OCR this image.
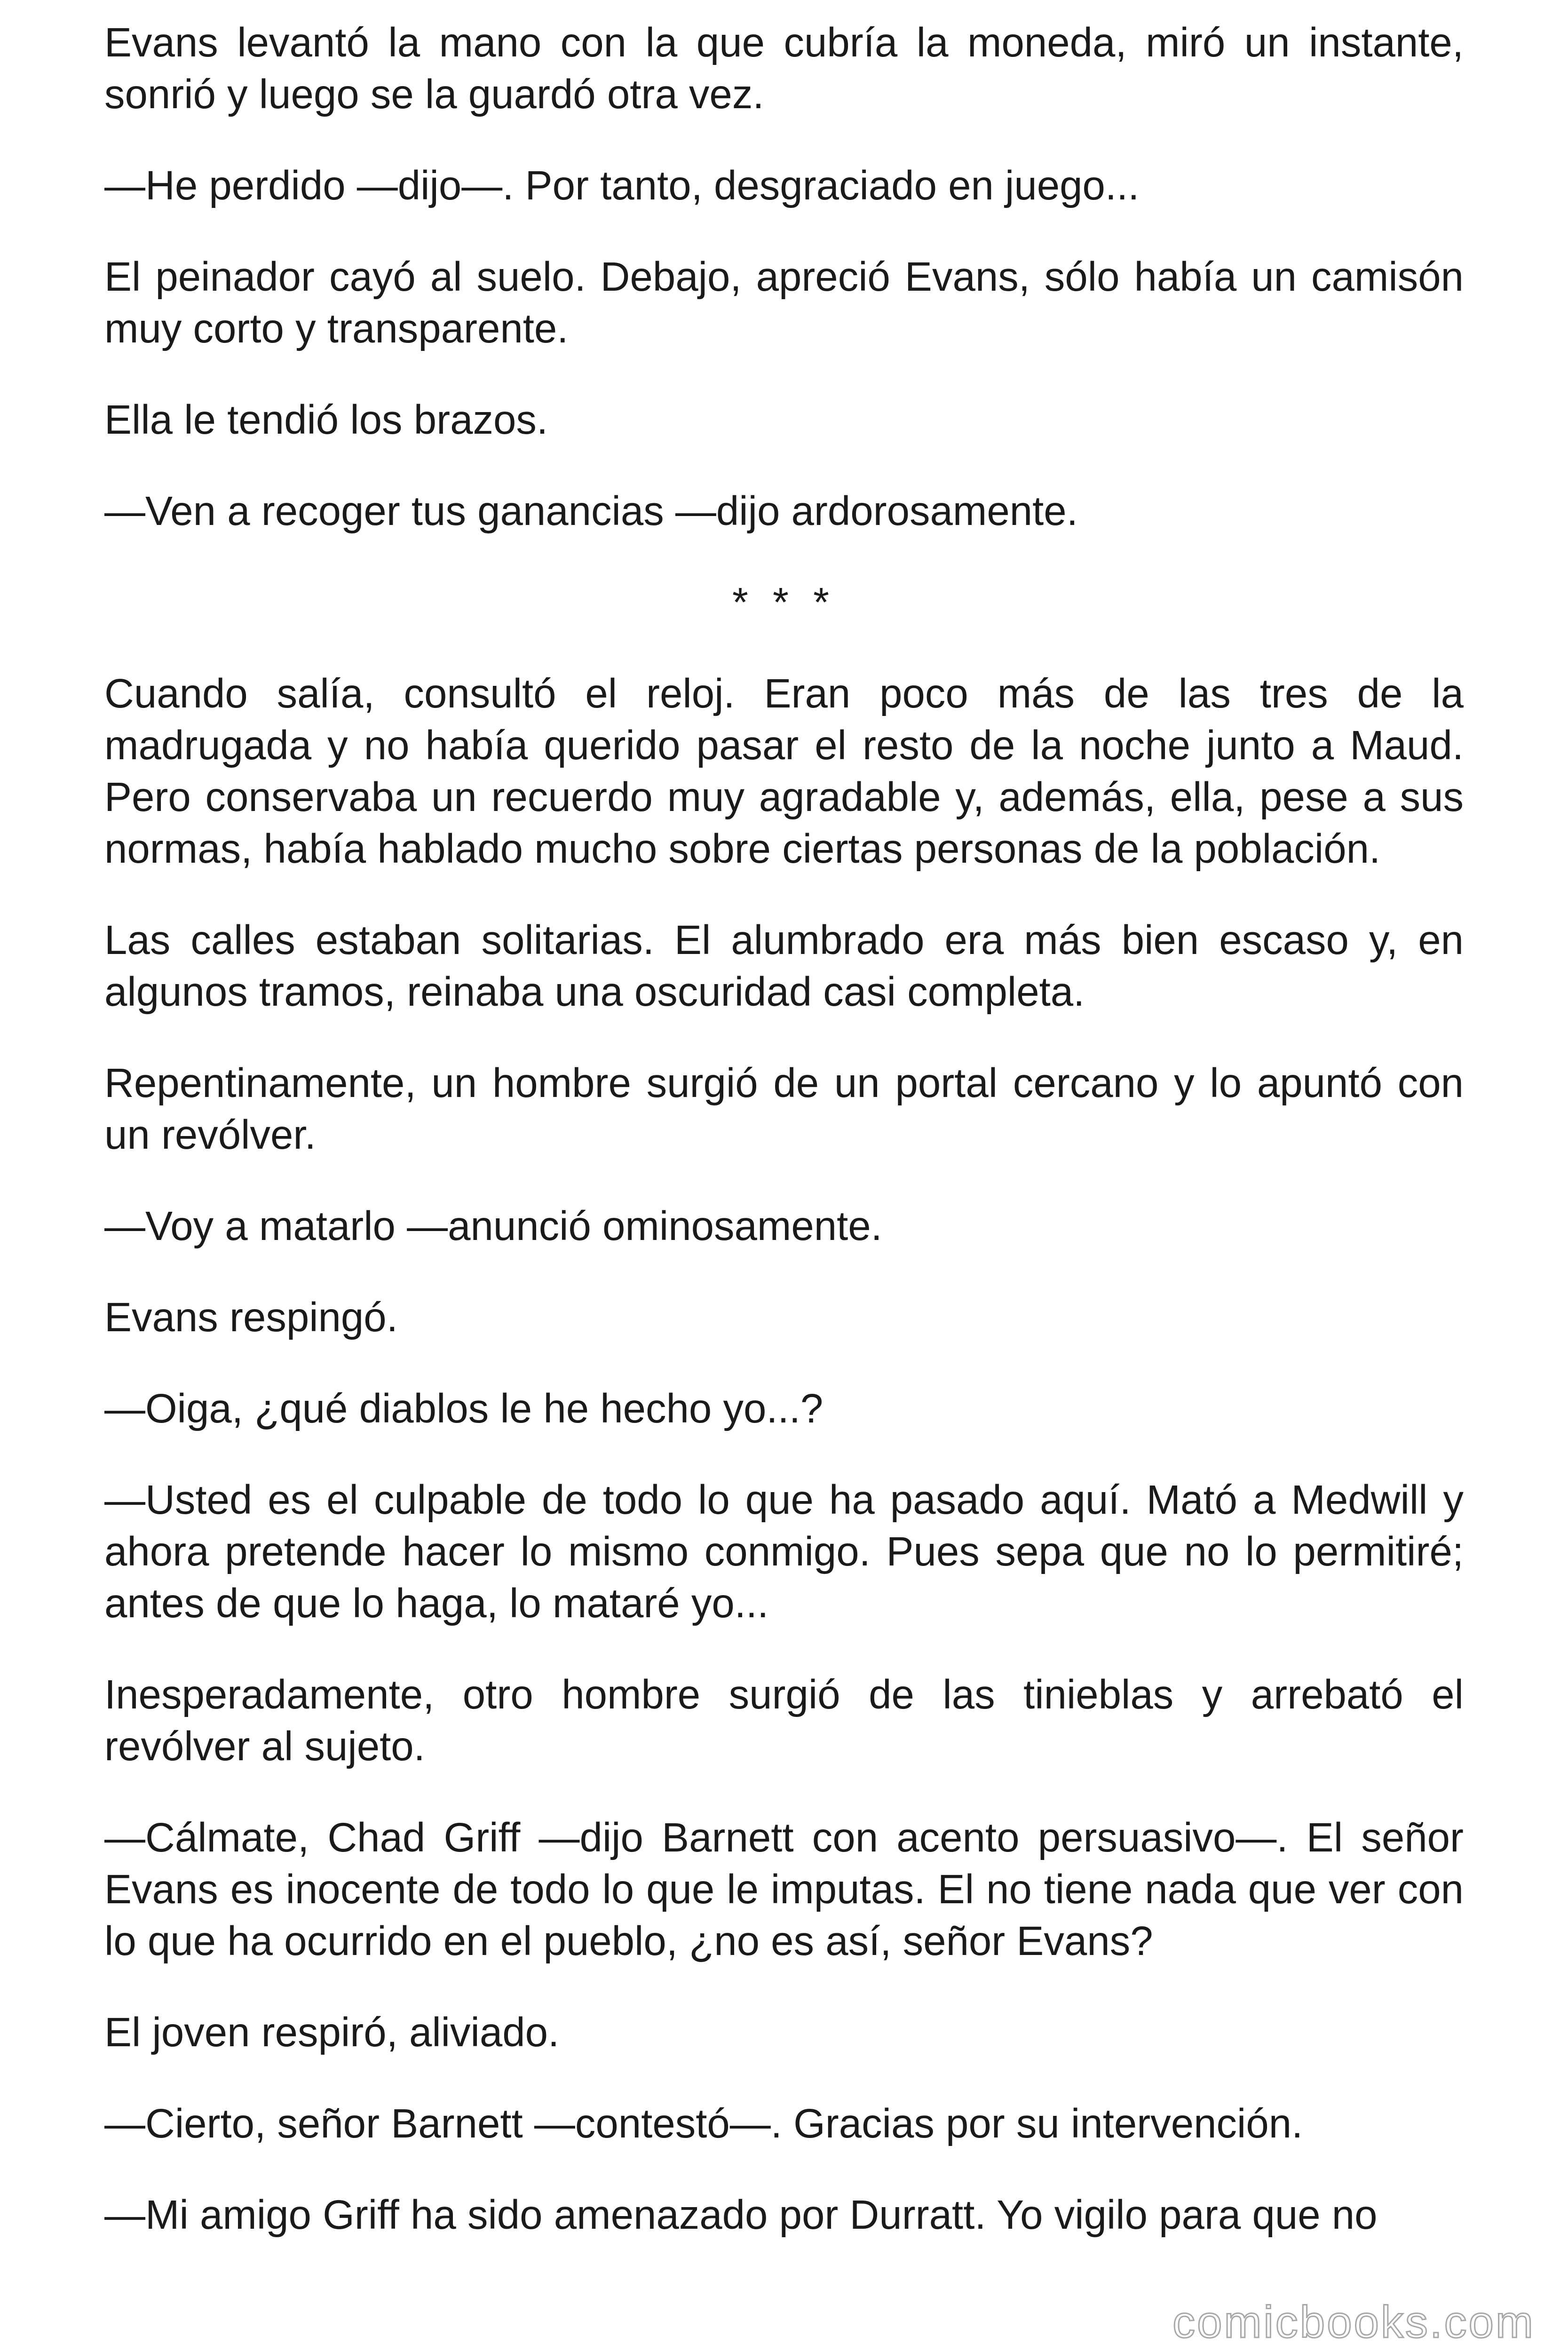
Evans levantó la mano con la que cubría la moneda, miró un instante, sonrió y luego se la guardó otra vez.

—He perdido —dijo—. Por tanto, desgraciado en juego...

El peinador cayó al suelo. Debajo, apreció Evans, sólo había un camisón muy corto y transparente.

Ella le tendió los brazos.

—Ven a recoger tus ganancias —dijo ardorosamente.

* * *

Cuando salía, consultó el reloj. Eran poco más de las tres de la madrugada y no había querido pasar el resto de la noche junto a Maud. Pero conservaba un recuerdo muy agradable y, además, ella, pese a sus normas, había hablado mucho sobre ciertas personas de la población.

Las calles estaban solitarias. El alumbrado era más bien escaso y, en algunos tramos, reinaba una oscuridad casi completa.

Repentinamente, un hombre surgió de un portal cercano y lo apuntó con un revólver.

—Voy a matarlo —anunció ominosamente.

Evans respingó.

—Oiga, ¿qué diablos le he hecho yo...?

—Usted es el culpable de todo lo que ha pasado aquí. Mató a Medwill y ahora pretende hacer lo mismo conmigo. Pues sepa que no lo permitiré; antes de que lo haga, lo mataré yo...

Inesperadamente, otro hombre surgió de las tinieblas y arrebató el revólver al sujeto.

—Cálmate, Chad Griff —dijo Barnett con acento persuasivo—. El señor Evans es inocente de todo lo que le imputas. El no tiene nada que ver con lo que ha ocurrido en el pueblo, ¿no es así, señor Evans?

El joven respiró, aliviado.

—Cierto, señor Barnett —contestó—. Gracias por su intervención.

—Mi amigo Griff ha sido amenazado por Durratt. Yo vigilo para que no

comicbooks.com
